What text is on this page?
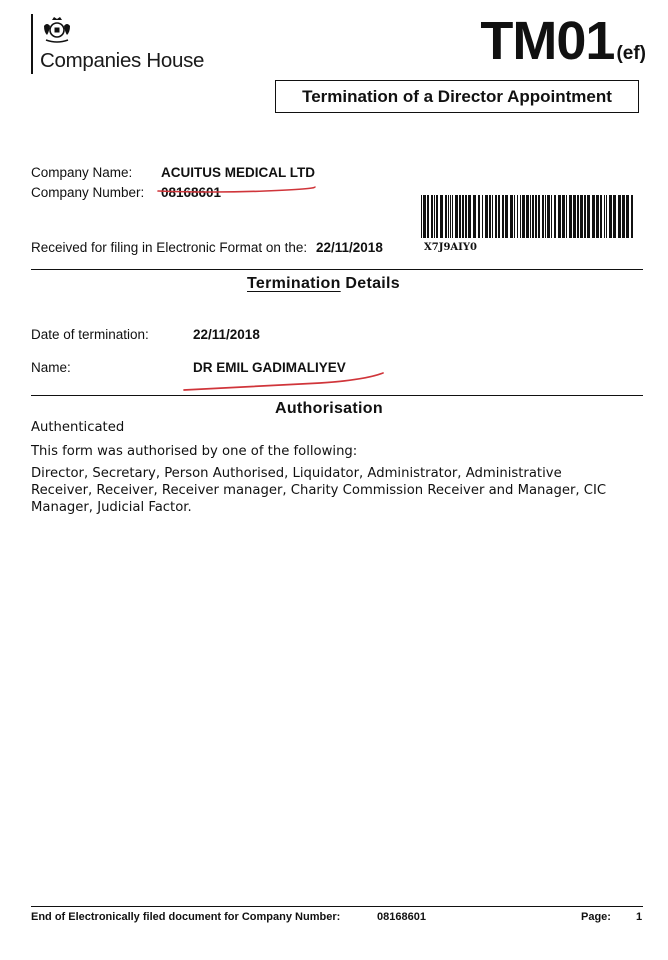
Companies House	TM01 (ef)
Termination of a Director Appointment
Company Name: ACUITUS MEDICAL LTD
Company Number: 08168601
X7J9AIY0
Received for filing in Electronic Format on the: 22/11/2018
Termination Details
Date of termination:	22/11/2018
Name:	DR EMIL GADIMALIYEV
Authorisation
Authenticated
This form was authorised by one of the following:
Director, Secretary, Person Authorised, Liquidator, Administrator, Administrative
Receiver, Receiver, Receiver manager, Charity Commission Receiver and Manager, CIC
Manager, Judicial Factor.
End of Electronically filed document for Company Number:	08168601	Page: 1
